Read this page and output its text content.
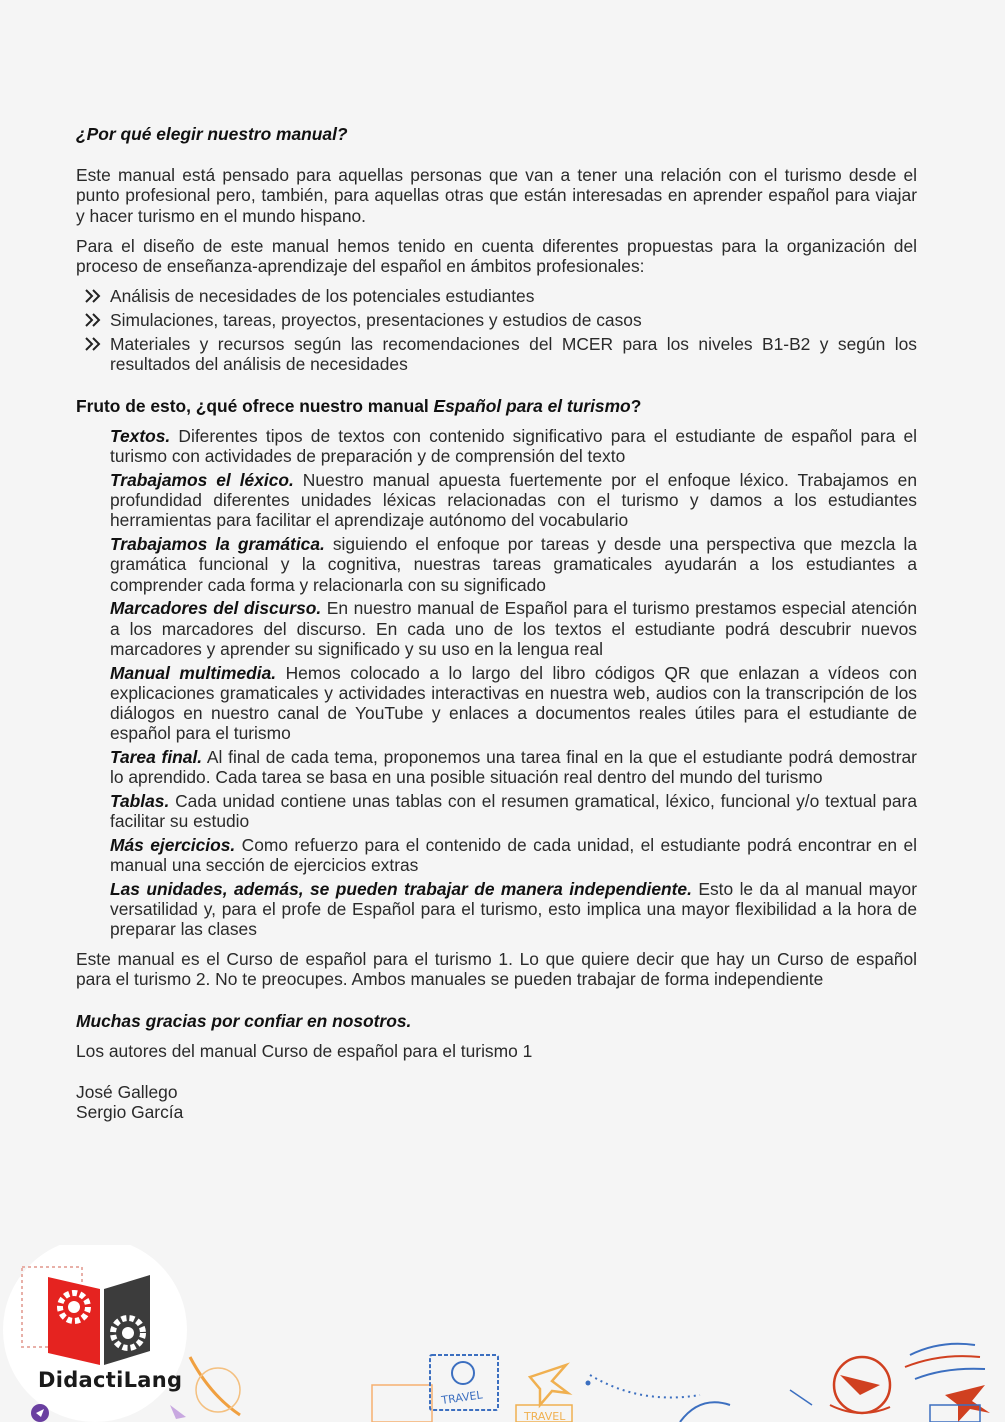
¿Por qué elegir nuestro manual?

Este manual está pensado para aquellas personas que van a tener una relación con el turismo desde el punto profesional pero, también, para aquellas otras que están interesadas en aprender español para viajar y hacer turismo en el mundo hispano.

Para el diseño de este manual hemos tenido en cuenta diferentes propuestas para la organización del proceso de enseñanza-aprendizaje del español en ámbitos profesionales:

Análisis de necesidades de los potenciales estudiantes
Simulaciones, tareas, proyectos, presentaciones y estudios de casos
Materiales y recursos según las recomendaciones del MCER para los niveles B1-B2 y según los resultados del análisis de necesidades

Fruto de esto, ¿qué ofrece nuestro manual Español para el turismo?

Textos. Diferentes tipos de textos con contenido significativo para el estudiante de español para el turismo con actividades de preparación y de comprensión del texto

Trabajamos el léxico. Nuestro manual apuesta fuertemente por el enfoque léxico. Trabajamos en profundidad diferentes unidades léxicas relacionadas con el turismo y damos a los estudiantes herramientas para facilitar el aprendizaje autónomo del vocabulario

Trabajamos la gramática. siguiendo el enfoque por tareas y desde una perspectiva que mezcla la gramática funcional y la cognitiva, nuestras tareas gramaticales ayudarán a los estudiantes a comprender cada forma y relacionarla con su significado

Marcadores del discurso. En nuestro manual de Español para el turismo prestamos especial atención a los marcadores del discurso. En cada uno de los textos el estudiante podrá descubrir nuevos marcadores y aprender su significado y su uso en la lengua real

Manual multimedia. Hemos colocado a lo largo del libro códigos QR que enlazan a vídeos con explicaciones gramaticales y actividades interactivas en nuestra web, audios con la transcripción de los diálogos en nuestro canal de YouTube y enlaces a documentos reales útiles para el estudiante de español para el turismo

Tarea final. Al final de cada tema, proponemos una tarea final en la que el estudiante podrá demostrar lo aprendido. Cada tarea se basa en una posible situación real dentro del mundo del turismo

Tablas. Cada unidad contiene unas tablas con el resumen gramatical, léxico, funcional y/o textual para facilitar su estudio

Más ejercicios. Como refuerzo para el contenido de cada unidad, el estudiante podrá encontrar en el manual una sección de ejercicios extras

Las unidades, además, se pueden trabajar de manera independiente. Esto le da al manual mayor versatilidad y, para el profe de Español para el turismo, esto implica una mayor flexibilidad a la hora de preparar las clases

Este manual es el Curso de español para el turismo 1. Lo que quiere decir que hay un Curso de español para el turismo 2. No te preocupes. Ambos manuales se pueden trabajar de forma independiente

Muchas gracias por confiar en nosotros.

Los autores del manual Curso de español para el turismo 1

José Gallego

Sergio García

TRAVEL
TRAVEL
DidactiLang
